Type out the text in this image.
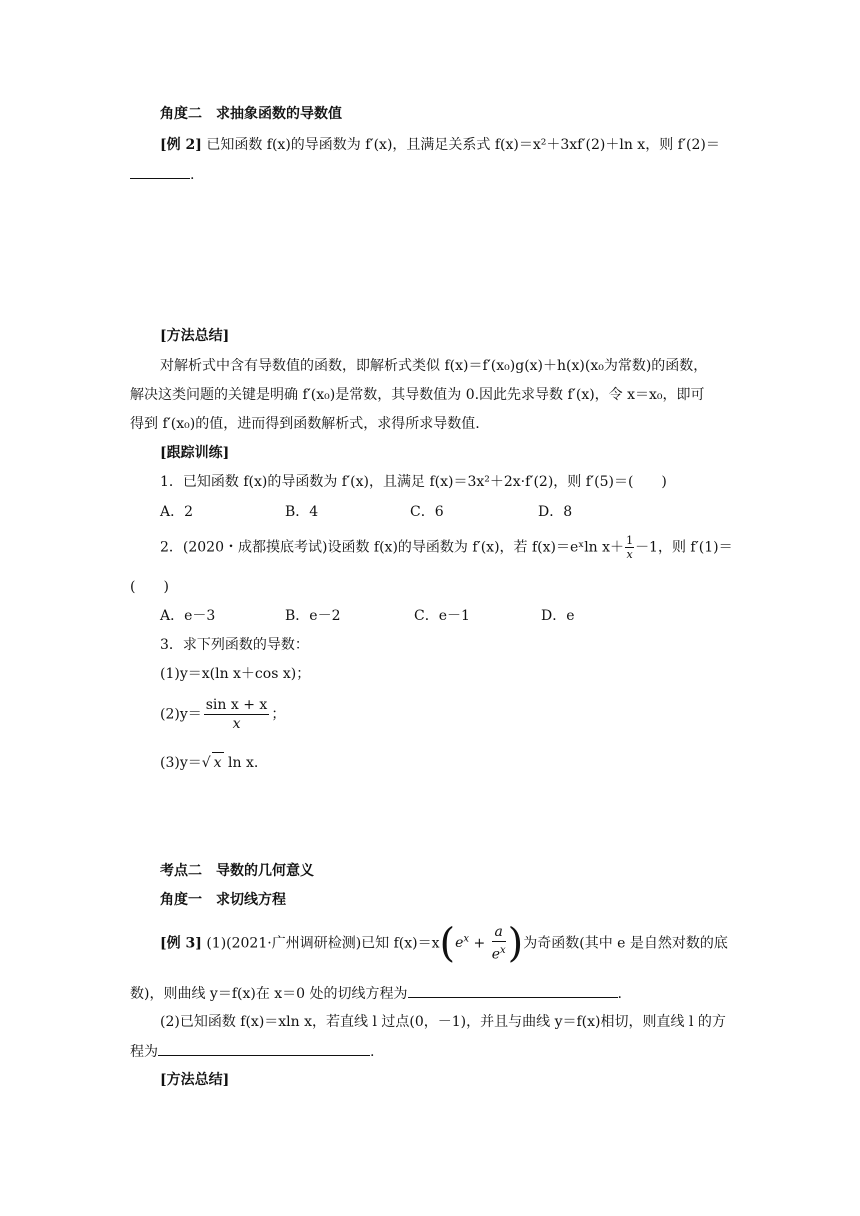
角度二　求抽象函数的导数值
[例 2] 已知函数 f(x)的导函数为 f′(x)，且满足关系式 f(x)＝x²＋3xf′(2)＋ln x，则 f′(2)＝
.
[方法总结]
对解析式中含有导数值的函数，即解析式类似 f(x)＝f′(x₀)g(x)＋h(x)(x₀为常数)的函数，
解决这类问题的关键是明确 f′(x₀)是常数，其导数值为 0.因此先求导数 f′(x)，令 x＝x₀，即可
得到 f′(x₀)的值，进而得到函数解析式，求得所求导数值.
[跟踪训练]
1．已知函数 f(x)的导函数为 f′(x)，且满足 f(x)＝3x²＋2x·f′(2)，则 f′(5)＝(　　)
A．2	B．4	C．6	D．8
2．(2020・成都摸底考试)设函数 f(x)的导函数为 f′(x)，若 f(x)＝eˣln $x+ \frac{1}{x} -1$，则 f′(1)＝
(　　)
A．e－3	B．e－2	C．e－1	D．e
3．求下列函数的导数：
(1)y＝x(ln x＋cos x)；
$(2)y= \frac{\text{sin x + x}}{x}$ ；
(3)y＝√ x ln x.
考点二　导数的几何意义
角度一　求切线方程
[例 3] (1)(2021·广州调研检测)已知 $f(x)=x(e^x + \frac{a}{e^x}$ )为奇函数(其中 e 是自然对数的底
数)，则曲线 y＝f(x)在 x＝0 处的切线方程为	.
(2)已知函数 f(x)＝xln x，若直线 l 过点(0，－1)，并且与曲线 y＝f(x)相切，则直线 l 的方
程为	.
[方法总结]
